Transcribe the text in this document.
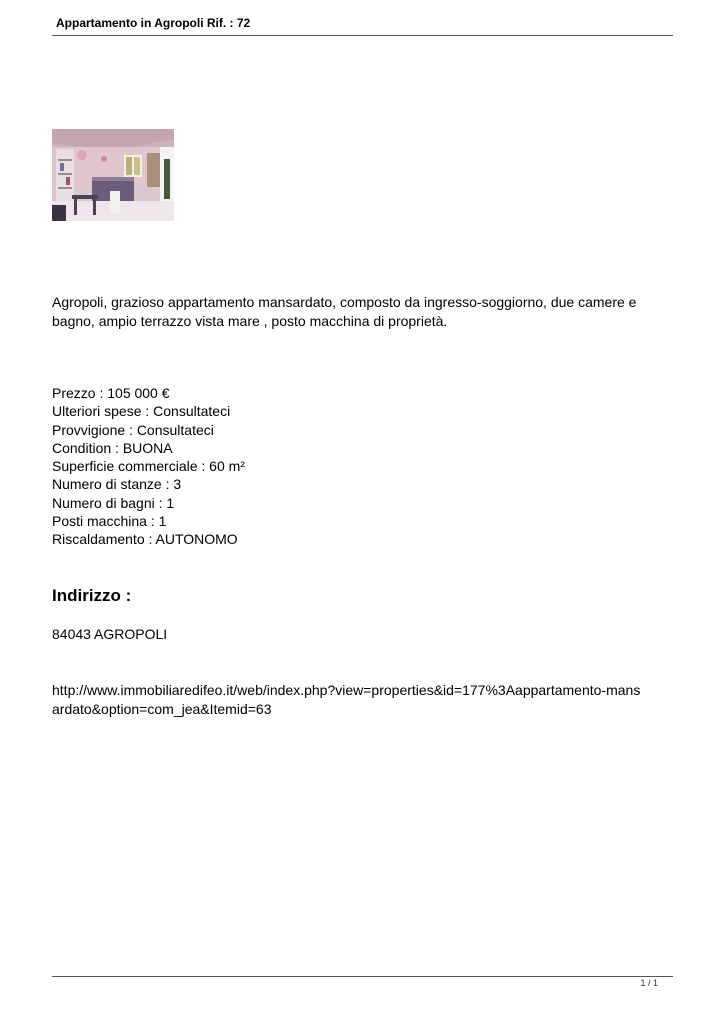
Appartamento in Agropoli Rif. : 72
Agropoli, grazioso appartamento mansardato, composto da ingresso-soggiorno, due camere e bagno, ampio terrazzo vista mare , posto macchina di proprietà.
Prezzo : 105 000 €
Ulteriori spese : Consultateci
Provvigione : Consultateci
Condition : BUONA
Superficie commerciale : 60 m²
Numero di stanze : 3
Numero di bagni : 1
Posti macchina : 1
Riscaldamento : AUTONOMO
Indirizzo :
84043 AGROPOLI
http://www.immobiliaredifeo.it/web/index.php?view=properties&id=177%3Aappartamento-mans
ardato&option=com_jea&Itemid=63
1 / 1
